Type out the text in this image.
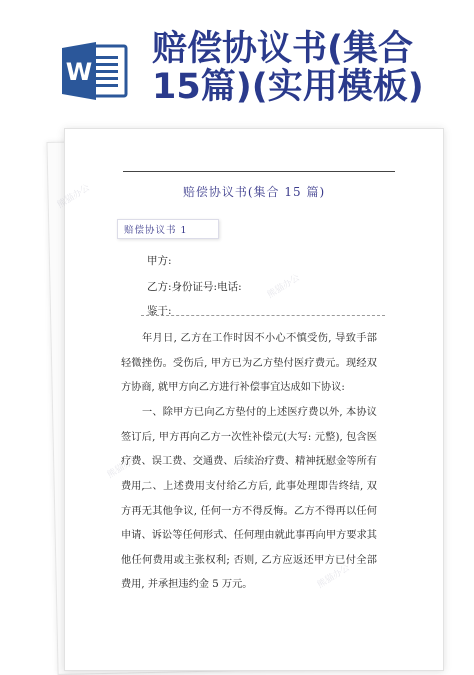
W
赔偿协议书(集合
15篇)(实用模板)
熊猫办公
熊猫办公
熊猫办公
熊猫办公
赔偿协议书(集合 15 篇)
赔偿协议书 1
甲方:
乙方:身份证号:电话:
鉴于:
年月日, 乙方在工作时因不小心不慎受伤, 导致手部轻微挫伤。受伤后, 甲方已为乙方垫付医疗费元。现经双方协商, 就甲方向乙方进行补偿事宜达成如下协议:
一、除甲方已向乙方垫付的上述医疗费以外, 本协议签订后, 甲方再向乙方一次性补偿元(大写: 元整), 包含医疗费、误工费、交通费、后续治疗费、精神抚慰金等所有费用,
二、上述费用支付给乙方后, 此事处理即告终结, 双方再无其他争议, 任何一方不得反悔。乙方不得再以任何申请、诉讼等任何形式、任何理由就此事再向甲方要求其他任何费用或主张权利; 否则, 乙方应返还甲方已付全部费用, 并承担违约金 5 万元。
